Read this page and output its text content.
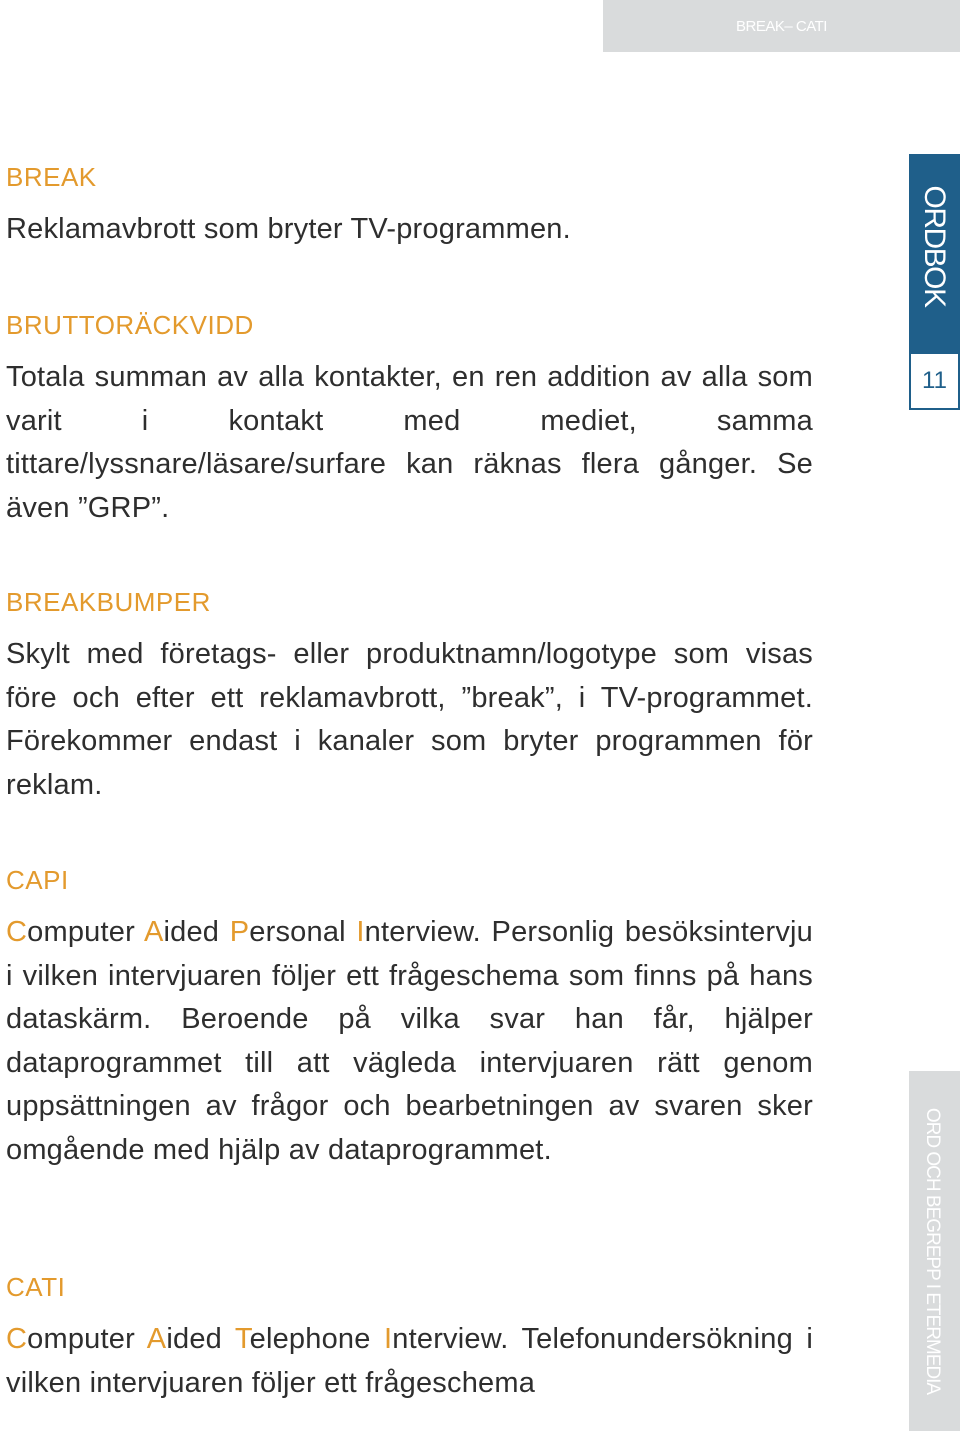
BREAK– CATI
ORDBOK
11
ORD OCH BEGREPP I ETERMEDIA

BREAK

Reklamavbrott som bryter TV-programmen.

BRUTTORÄCKVIDD

Totala summan av alla kontakter, en ren addition av alla som varit i kontakt med mediet, samma tittare/lyssnare/läsare/surfare kan räknas flera gånger. Se även ”GRP”.

BREAKBUMPER

Skylt med företags- eller produktnamn/logotype som visas före och efter ett reklamavbrott, ”break”, i TV-programmet. Förekommer endast i kanaler som bryter programmen för reklam.

CAPI

Computer Aided Personal Interview. Personlig besöksintervju i vilken intervjuaren följer ett frågeschema som finns på hans dataskärm. Beroende på vilka svar han får, hjälper dataprogrammet till att vägleda intervjuaren rätt genom uppsättningen av frågor och bearbetningen av svaren sker omgående med hjälp av dataprogrammet.

CATI

Computer Aided Telephone Interview. Telefonundersökning i vilken intervjuaren följer ett frågeschema
